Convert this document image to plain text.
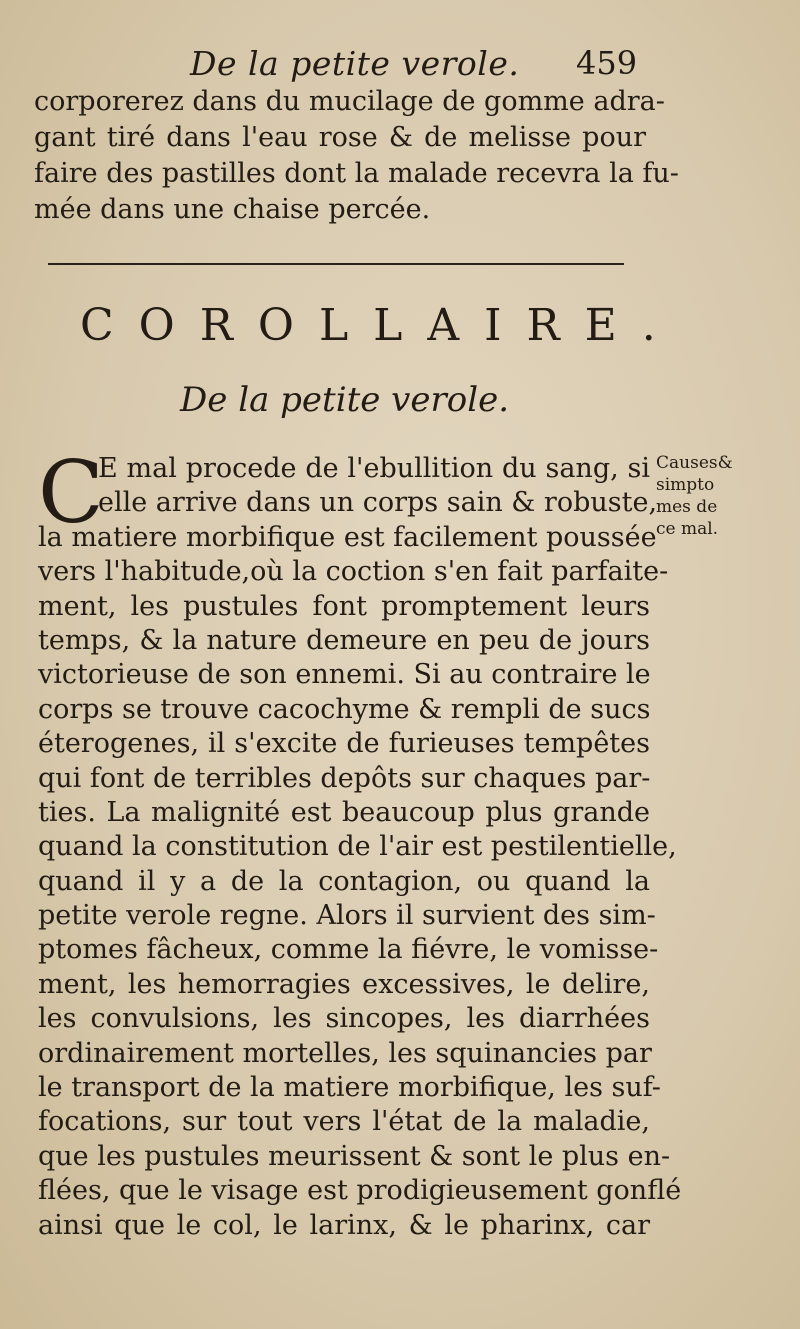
De la petite verole. 459
corporerez dans du mucilage de gomme adra-
gant tiré dans l'eau rose & de melisse pour
faire des pastilles dont la malade recevra la fu-
mée dans une chaise percée.
COROLLAIRE.
De la petite verole.
C
E mal procede de l'ebullition du sang, si
elle arrive dans un corps sain & robuste,
la matiere morbifique est facilement poussée
vers l'habitude,où la coction s'en fait parfaite-
ment, les pustules font promptement leurs
temps, & la nature demeure en peu de jours
victorieuse de son ennemi. Si au contraire le
corps se trouve cacochyme & rempli de sucs
éterogenes, il s'excite de furieuses tempêtes
qui font de terribles depôts sur chaques par-
ties. La malignité est beaucoup plus grande
quand la constitution de l'air est pestilentielle,
quand il y a de la contagion, ou quand la
petite verole regne. Alors il survient des sim-
ptomes fâcheux, comme la fiévre, le vomisse-
ment, les hemorragies excessives, le delire,
les convulsions, les sincopes, les diarrhées
ordinairement mortelles, les squinancies par
le transport de la matiere morbifique, les suf-
focations, sur tout vers l'état de la maladie,
que les pustules meurissent & sont le plus en-
flées, que le visage est prodigieusement gonflé
ainsi que le col, le larinx, & le pharinx, car
Causes&
simpto
mes de
ce mal.
